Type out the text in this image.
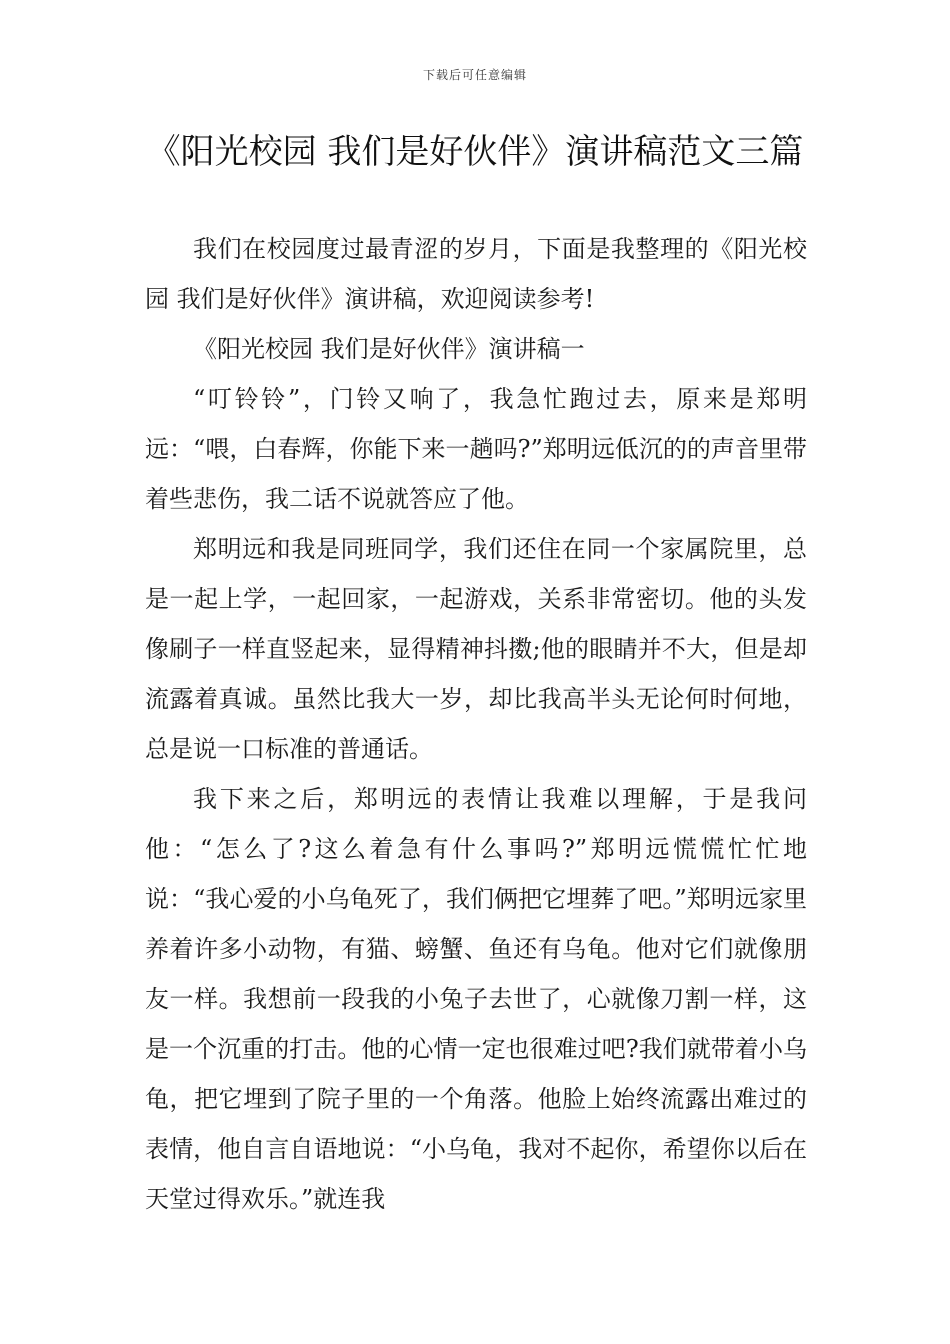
下载后可任意编辑
《阳光校园 我们是好伙伴》演讲稿范文三篇

我们在校园度过最青涩的岁月，下面是我整理的《阳光校园 我们是好伙伴》演讲稿，欢迎阅读参考!

《阳光校园 我们是好伙伴》演讲稿一

“叮铃铃”，门铃又响了，我急忙跑过去，原来是郑明远：“喂，白春辉，你能下来一趟吗?”郑明远低沉的的声音里带着些悲伤，我二话不说就答应了他。

郑明远和我是同班同学，我们还住在同一个家属院里，总是一起上学，一起回家，一起游戏，关系非常密切。他的头发像刷子一样直竖起来，显得精神抖擞;他的眼睛并不大，但是却流露着真诚。虽然比我大一岁，却比我高半头无论何时何地，总是说一口标准的普通话。

我下来之后，郑明远的表情让我难以理解，于是我问他：“怎么了?这么着急有什么事吗?”郑明远慌慌忙忙地说：“我心爱的小乌龟死了，我们俩把它埋葬了吧。”郑明远家里养着许多小动物，有猫、螃蟹、鱼还有乌龟。他对它们就像朋友一样。我想前一段我的小兔子去世了，心就像刀割一样，这是一个沉重的打击。他的心情一定也很难过吧?我们就带着小乌龟，把它埋到了院子里的一个角落。他脸上始终流露出难过的表情，他自言自语地说：“小乌龟，我对不起你，希望你以后在天堂过得欢乐。”就连我
